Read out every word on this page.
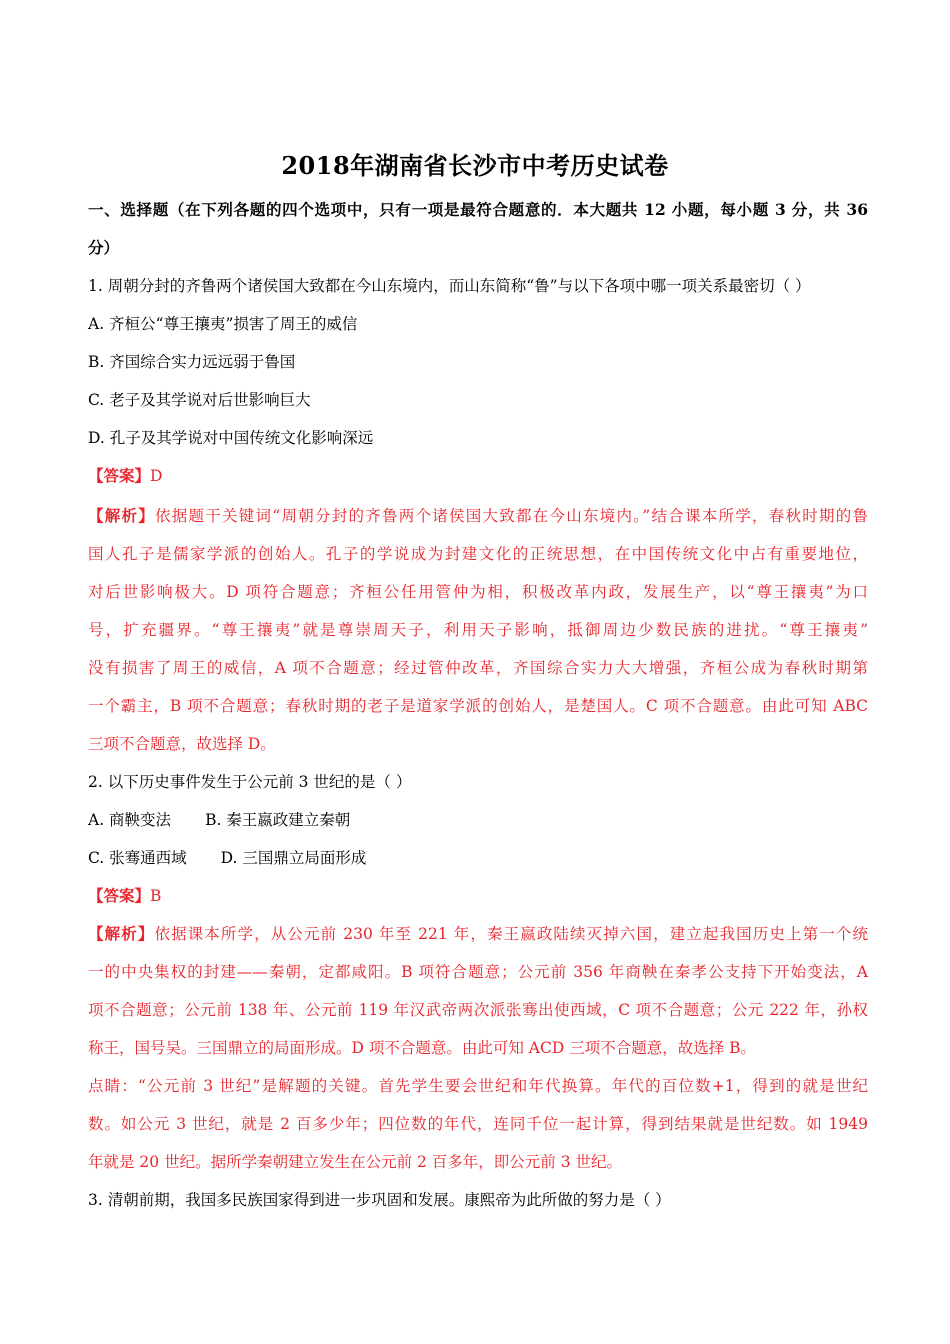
2018年湖南省长沙市中考历史试卷
一、选择题（在下列各题的四个选项中，只有一项是最符合题意的．本大题共 12 小题，每小题 3 分，共 36
分）
1. 周朝分封的齐鲁两个诸侯国大致都在今山东境内，而山东简称“鲁”与以下各项中哪一项关系最密切（ ）
A. 齐桓公“尊王攘夷”损害了周王的威信
B. 齐国综合实力远远弱于鲁国
C. 老子及其学说对后世影响巨大
D. 孔子及其学说对中国传统文化影响深远
【答案】D
【解析】依据题干关键词“周朝分封的齐鲁两个诸侯国大致都在今山东境内。”结合课本所学，春秋时期的鲁
国人孔子是儒家学派的创始人。孔子的学说成为封建文化的正统思想，在中国传统文化中占有重要地位，
对后世影响极大。D 项符合题意；齐桓公任用管仲为相，积极改革内政，发展生产，以“尊王攘夷”为口
号，扩充疆界。“尊王攘夷”就是尊崇周天子，利用天子影响，抵御周边少数民族的进扰。“尊王攘夷”
没有损害了周王的威信，A 项不合题意；经过管仲改革，齐国综合实力大大增强，齐桓公成为春秋时期第
一个霸主，B 项不合题意；春秋时期的老子是道家学派的创始人，是楚国人。C 项不合题意。由此可知 ABC
三项不合题意，故选择 D。
2. 以下历史事件发生于公元前 3 世纪的是（ ）
A. 商鞅变法 B. 秦王嬴政建立秦朝
C. 张骞通西域 D. 三国鼎立局面形成
【答案】B
【解析】依据课本所学，从公元前 230 年至 221 年，秦王嬴政陆续灭掉六国，建立起我国历史上第一个统
一的中央集权的封建——秦朝，定都咸阳。B 项符合题意；公元前 356 年商鞅在秦孝公支持下开始变法，A
项不合题意；公元前 138 年、公元前 119 年汉武帝两次派张骞出使西域，C 项不合题意；公元 222 年，孙权
称王，国号吴。三国鼎立的局面形成。D 项不合题意。由此可知 ACD 三项不合题意，故选择 B。
点睛：“公元前 3 世纪”是解题的关键。首先学生要会世纪和年代换算。年代的百位数+1，得到的就是世纪
数。如公元 3 世纪，就是 2 百多少年；四位数的年代，连同千位一起计算，得到结果就是世纪数。如 1949
年就是 20 世纪。据所学秦朝建立发生在公元前 2 百多年，即公元前 3 世纪。
3. 清朝前期，我国多民族国家得到进一步巩固和发展。康熙帝为此所做的努力是（ ）
